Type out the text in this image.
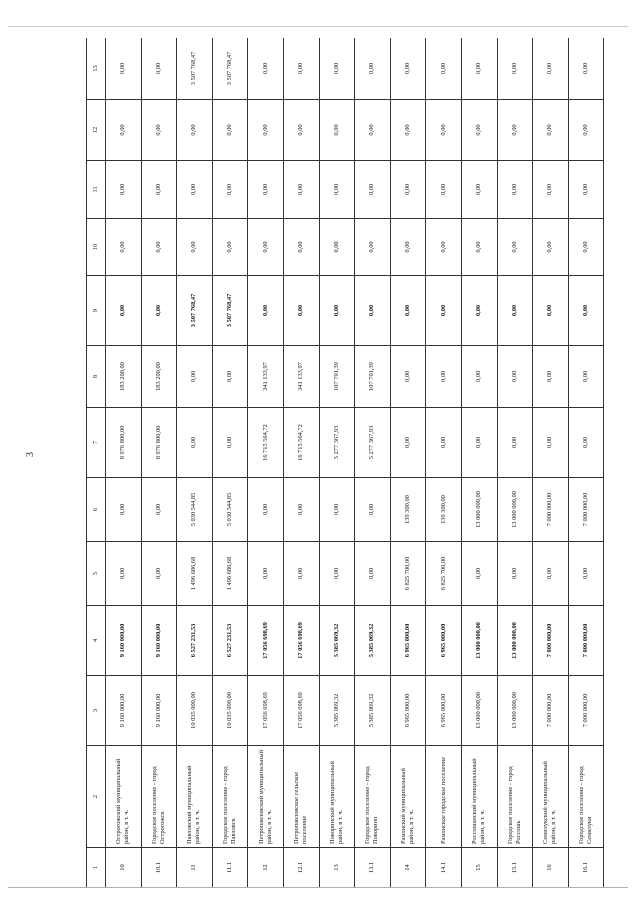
3
1	2	3	4	5	6	7	8	9	10	11	12	13
10	Острогожский муниципальный район, в т. ч.	9 160 000,00	9 160 000,00	0,00	0,00	8 976 800,00	183 200,00	0,00	0,00	0,00	0,00	0,00
10.1	Городское поселение - город Острогожск	9 160 000,00	9 160 000,00	0,00	0,00	8 976 800,00	183 200,00	0,00	0,00	0,00	0,00	0,00
11	Павловский муниципальный район, в т. ч.	10 035 000,00	6 527 231,53	1 496 686,68	5 030 544,85	0,00	0,00	3 507 768,47	0,00	0,00	0,00	3 507 768,47
11.1	Городское поселение - город Павловск	10 035 000,00	6 527 231,53	1 496 686,68	5 030 544,85	0,00	0,00	3 507 768,47	0,00	0,00	0,00	3 507 768,47
12	Петропавловский муниципальный район, в т. ч.	17 056 698,69	17 056 698,69	0,00	0,00	16 715 564,72	341 133,97	0,00	0,00	0,00	0,00	0,00
12.1	Петропавловское сельское поселение	17 056 698,69	17 056 698,69	0,00	0,00	16 715 564,72	341 133,97	0,00	0,00	0,00	0,00	0,00
13	Поворинский муниципальный район, в т. ч.	5 385 069,32	5 385 069,32	0,00	0,00	5 277 367,93	107 701,39	0,00	0,00	0,00	0,00	0,00
13.1	Городское поселение - город Поворино	5 385 069,32	5 385 069,32	0,00	0,00	5 277 367,93	107 701,39	0,00	0,00	0,00	0,00	0,00
14	Рамонский муниципальный район, в т. ч.	6 965 000,00	6 965 000,00	6 825 700,00	139 300,00	0,00	0,00	0,00	0,00	0,00	0,00	0,00
14.1	Рамонское городское поселение	6 965 000,00	6 965 000,00	6 825 700,00	139 300,00	0,00	0,00	0,00	0,00	0,00	0,00	0,00
15	Россошанский муниципальный район, в т. ч.	13 000 000,00	13 000 000,00	0,00	13 000 000,00	0,00	0,00	0,00	0,00	0,00	0,00	0,00
15.1	Городское поселение - город Россошь	13 000 000,00	13 000 000,00	0,00	13 000 000,00	0,00	0,00	0,00	0,00	0,00	0,00	0,00
16	Семилукский муниципальный район, в т. ч.	7 000 000,00	7 000 000,00	0,00	7 000 000,00	0,00	0,00	0,00	0,00	0,00	0,00	0,00
16.1	Городское поселение - город Семилуки	7 000 000,00	7 000 000,00	0,00	7 000 000,00	0,00	0,00	0,00	0,00	0,00	0,00	0,00
